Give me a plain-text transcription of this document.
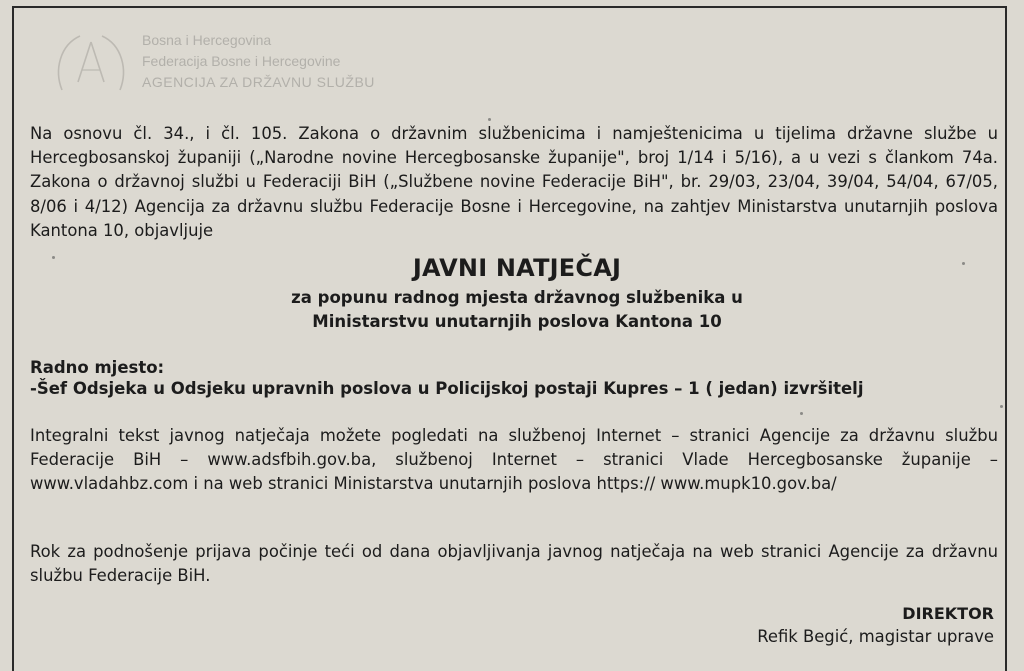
Bosna i Hercegovina
Federacija Bosne i Hercegovine
AGENCIJA ZA DRŽAVNU SLUŽBU
Na osnovu čl. 34., i čl. 105. Zakona o državnim službenicima i namještenicima u tijelima državne službe u Hercegbosanskoj županiji („Narodne novine Hercegbosanske županije", broj 1/14 i 5/16), a u vezi s člankom 74a. Zakona o državnoj službi u Federaciji BiH („Službene novine Federacije BiH", br. 29/03, 23/04, 39/04, 54/04, 67/05, 8/06 i 4/12) Agencija za državnu službu Federacije Bosne i Hercegovine, na zahtjev Ministarstva unutarnjih poslova Kantona 10, objavljuje
JAVNI NATJEČAJ
za popunu radnog mjesta državnog službenika u
Ministarstvu unutarnjih poslova Kantona 10
Radno mjesto:
-Šef Odsjeka u Odsjeku upravnih poslova u Policijskoj postaji Kupres – 1 ( jedan) izvršitelj
Integralni tekst javnog natječaja možete pogledati na službenoj Internet – stranici Agencije za državnu službu Federacije BiH – www.adsfbih.gov.ba, službenoj Internet – stranici Vlade Hercegbosanske županije – www.vladahbz.com i na web stranici Ministarstva unutarnjih poslova https:// www.mupk10.gov.ba/
Rok za podnošenje prijava počinje teći od dana objavljivanja javnog natječaja na web stranici Agencije za državnu službu Federacije BiH.
DIREKTOR
Refik Begić, magistar uprave
